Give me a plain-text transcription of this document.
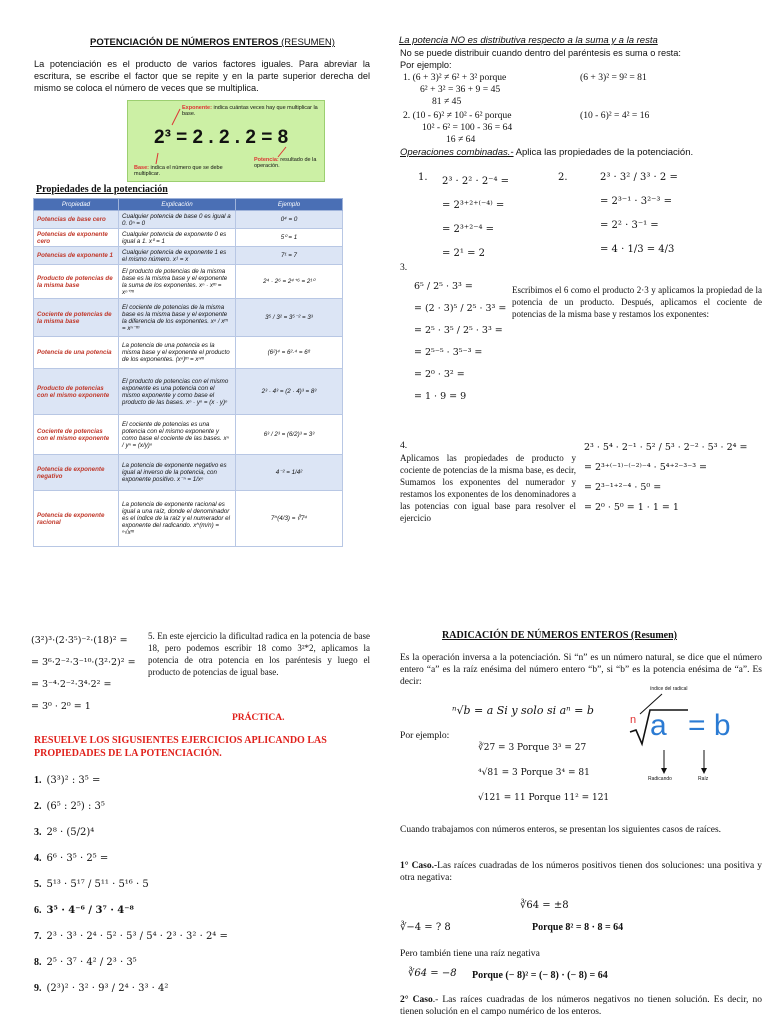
POTENCIACIÓN DE NÚMEROS ENTEROS (RESUMEN)
La potenciación es el producto de varios factores iguales. Para abreviar la escritura, se escribe el factor que se repite y en la parte superior derecha del mismo se coloca el número de veces que se multiplica.
Exponente: indica cuántas veces hay que multiplicar la base.
2³ = 2 . 2 . 2 = 8
Base: indica el número que se debe multiplicar.
Potencia: resultado de la operación.
Propiedades de la potenciación
Propiedad	Explicación	Ejemplo
Potencias de base cero	Cualquier potencia de base 0 es igual a 0. 0ⁿ = 0	0⁴ = 0
Potencias de exponente cero	Cualquier potencia de exponente 0 es igual a 1. x⁰ = 1	5⁰ = 1
Potencias de exponente 1	Cualquier potencia de exponente 1 es el mismo número. x¹ = x	7¹ = 7
Producto de potencias de la misma base	El producto de potencias de la misma base es la misma base y el exponente la suma de los exponentes. xⁿ · xᵐ = xⁿ⁺ᵐ	2⁴ · 2⁶ = 2⁴⁺⁶ = 2¹⁰
Cociente de potencias de la misma base	El cociente de potencias de la misma base es la misma base y el exponente la diferencia de los exponentes. xⁿ / xᵐ = xⁿ⁻ᵐ	3⁵ / 3² = 3⁵⁻² = 3³
Potencia de una potencia	La potencia de una potencia es la misma base y el exponente el producto de los exponentes. (xⁿ)ᵐ = xⁿᵐ	(6²)⁴ = 6²·⁴ = 6⁸
Producto de potencias con el mismo exponente	El producto de potencias con el mismo exponente es una potencia con el mismo exponente y como base el producto de las bases. xⁿ · yⁿ = (x · y)ⁿ	2³ · 4³ = (2 · 4)³ = 8³
Cociente de potencias con el mismo exponente	El cociente de potencias es una potencia con el mismo exponente y como base el cociente de las bases. xⁿ / yⁿ = (x/y)ⁿ	6³ / 2³ = (6/2)³ = 3³
Potencia de exponente negativo	La potencia de exponente negativo es igual al inverso de la potencia, con exponente positivo. x⁻ⁿ = 1/xⁿ	4⁻² = 1/4²
Potencia de exponente racional	La potencia de exponente racional es igual a una raíz, donde el denominador es el índice de la raíz y el numerador el exponente del radicando. x^(m/n) = ⁿ√xᵐ	7^(4/3) = ∛7⁴
La potencia NO es distributiva respecto a la suma y a la resta
No se puede distribuir cuando dentro del paréntesis es suma o resta:
Por ejemplo:
1. (6 + 3)² ≠ 6² + 3² porque	(6 + 3)² = 9² = 81
6² + 3² = 36 + 9 = 45
81 ≠ 45
2. (10 - 6)² ≠ 10² - 6² porque	(10 - 6)² = 4² = 16
10² - 6² = 100 - 36 = 64
16 ≠ 64
Operaciones combinadas.- Aplica las propiedades de la potenciación.
1. 2³ · 2² · 2⁻⁴ =
= 2³⁺²⁺⁽⁻⁴⁾ =
= 2³⁺²⁻⁴ =
= 2¹ = 2
2.	2³ · 3² / 3³ · 2 =
= 2³⁻¹ · 3²⁻³ =
= 2² · 3⁻¹ =
= 4 · 1/3 = 4/3
3.
6⁵ / 2⁵ · 3³ =
= (2 · 3)⁵ / 2⁵ · 3³ =
= 2⁵ · 3⁵ / 2⁵ · 3³ =
= 2⁵⁻⁵ · 3⁵⁻³ =
= 2⁰ · 3² =
= 1 · 9 = 9
Escribimos el 6 como el producto 2·3 y aplicamos la propiedad de la potencia de un producto. Después, aplicamos el cociente de potencias de la misma base y restamos los exponentes:
4.
Aplicamos las propiedades de producto y cociente de potencias de la misma base, es decir, Sumamos los exponentes del numerador y restamos los exponentes de los denominadores a las potencias con igual base para resolver el ejercicio
2³ · 5⁴ · 2⁻¹ · 5² / 5³ · 2⁻² · 5³ · 2⁴ =
= 2³⁺⁽⁻¹⁾⁻⁽⁻²⁾⁻⁴ · 5⁴⁺²⁻³⁻³ =
= 2³⁻¹⁺²⁻⁴ · 5⁰ =
= 2⁰ · 5⁰ = 1 · 1 = 1
(3²)³·(2·3⁵)⁻²·(18)² =
= 3⁶·2⁻²·3⁻¹⁰·(3²·2)² =
= 3⁻⁴·2⁻²·3⁴·2² =
= 3⁰ · 2⁰ = 1
5. En este ejercicio la dificultad radica en la potencia de base 18, pero podemos escribir 18 como 3²*2, aplicamos la potencia de otra potencia en los paréntesis y luego el producto de potencias de igual base.
PRÁCTICA.
RESUELVE LOS SIGUSIENTES EJERCICIOS APLICANDO LAS PROPIEDADES DE LA POTENCIACIÓN.
1. (3³)² : 3⁵ =
2. (6⁵ : 2⁵) : 3⁵
3. 2⁸ · (5/2)⁴
4. 6⁶ · 3⁵ · 2⁵ =
5. 5¹³ · 5¹⁷ / 5¹¹ · 5¹⁶ · 5
6. 3⁵ · 4⁻⁶ / 3⁷ · 4⁻⁸
7. 2³ · 3³ · 2⁴ · 5² · 5³ / 5⁴ · 2³ · 3² · 2⁴ =
8. 2⁵ · 3⁷ · 4² / 2³ · 3⁵
9. (2³)² · 3² · 9³ / 2⁴ · 3³ · 4²
RADICACIÓN DE NÚMEROS ENTEROS (Resumen)
Es la operación inversa a la potenciación. Si “n” es un número natural, se dice que el número entero “a” es la raíz enésima del número entero “b”, si “b” es la potencia enésima de “a”. Es decir:
ⁿ√b = a Si y solo si aⁿ = b
Por ejemplo:
∛27 = 3 Porque 3³ = 27
⁴√81 = 3 Porque 3⁴ = 81
√121 = 11 Porque 11² = 121
índice del radical
n a = b
Radicando	Raíz
Cuando trabajamos con números enteros, se presentan los siguientes casos de raíces.
1° Caso.-Las raíces cuadradas de los números positivos tienen dos soluciones: una positiva y otra negativa:
∛64 = ±8
∛−4 = ? 8	Porque 8² = 8 · 8 = 64
Pero también tiene una raíz negativa
∛64 = −8 Porque (− 8)² = (− 8) · (− 8) = 64
2° Caso.- Las raíces cuadradas de los números negativos no tienen solución. Es decir, no tienen solución en el campo numérico de los enteros.
